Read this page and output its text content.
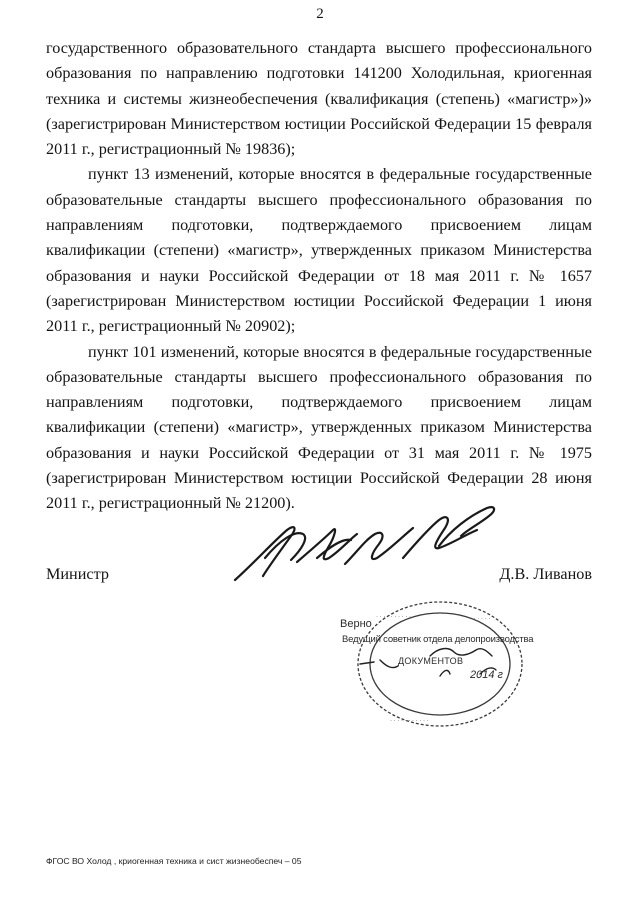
2

государственного образовательного стандарта высшего профессионального образования по направлению подготовки 141200 Холодильная, криогенная техника и системы жизнеобеспечения (квалификация (степень) «магистр»)» (зарегистрирован Министерством юстиции Российской Федерации 15 февраля 2011 г., регистрационный № 19836);

пункт 13 изменений, которые вносятся в федеральные государственные образовательные стандарты высшего профессионального образования по направлениям подготовки, подтверждаемого присвоением лицам квалификации (степени) «магистр», утвержденных приказом Министерства образования и науки Российской Федерации от 18 мая 2011 г. № 1657 (зарегистрирован Министерством юстиции Российской Федерации 1 июня 2011 г., регистрационный № 20902);

пункт 101 изменений, которые вносятся в федеральные государственные образовательные стандарты высшего профессионального образования по направлениям подготовки, подтверждаемого присвоением лицам квалификации (степени) «магистр», утвержденных приказом Министерства образования и науки Российской Федерации от 31 мая 2011 г. № 1975 (зарегистрирован Министерством юстиции Российской Федерации 28 июня 2011 г., регистрационный № 21200).

Министр	Д.В. Ливанов
· · · · · · · · · ·	· · · · · ·
· · · · · · · · · · ·
Верно
Ведущий советник отдела делопроизводства
ДОКУМЕНТОВ
2014 г
ФГОС ВО Холод , криогенная техника и сист жизнеобеспеч – 05
